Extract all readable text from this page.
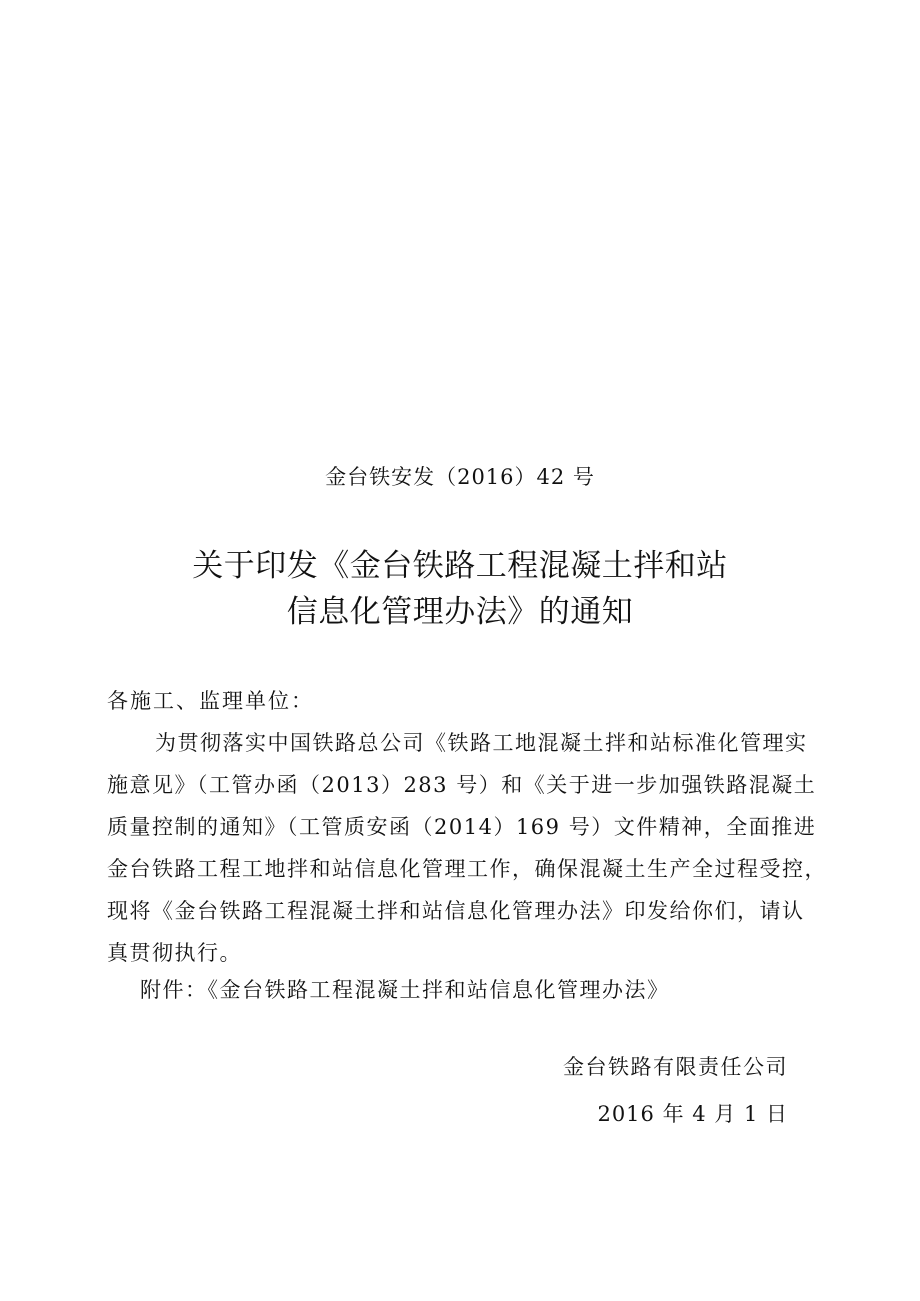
金台铁安发（2016）42 号
关于印发《金台铁路工程混凝土拌和站
信息化管理办法》的通知
各施工、监理单位：
为贯彻落实中国铁路总公司《铁路工地混凝土拌和站标准化管理实
施意见》（工管办函（2013）283 号）和《关于进一步加强铁路混凝土
质量控制的通知》（工管质安函（2014）169 号）文件精神，全面推进
金台铁路工程工地拌和站信息化管理工作，确保混凝土生产全过程受控，
现将《金台铁路工程混凝土拌和站信息化管理办法》印发给你们，请认
真贯彻执行。
附件：《金台铁路工程混凝土拌和站信息化管理办法》
金台铁路有限责任公司
2016 年 4 月 1 日
